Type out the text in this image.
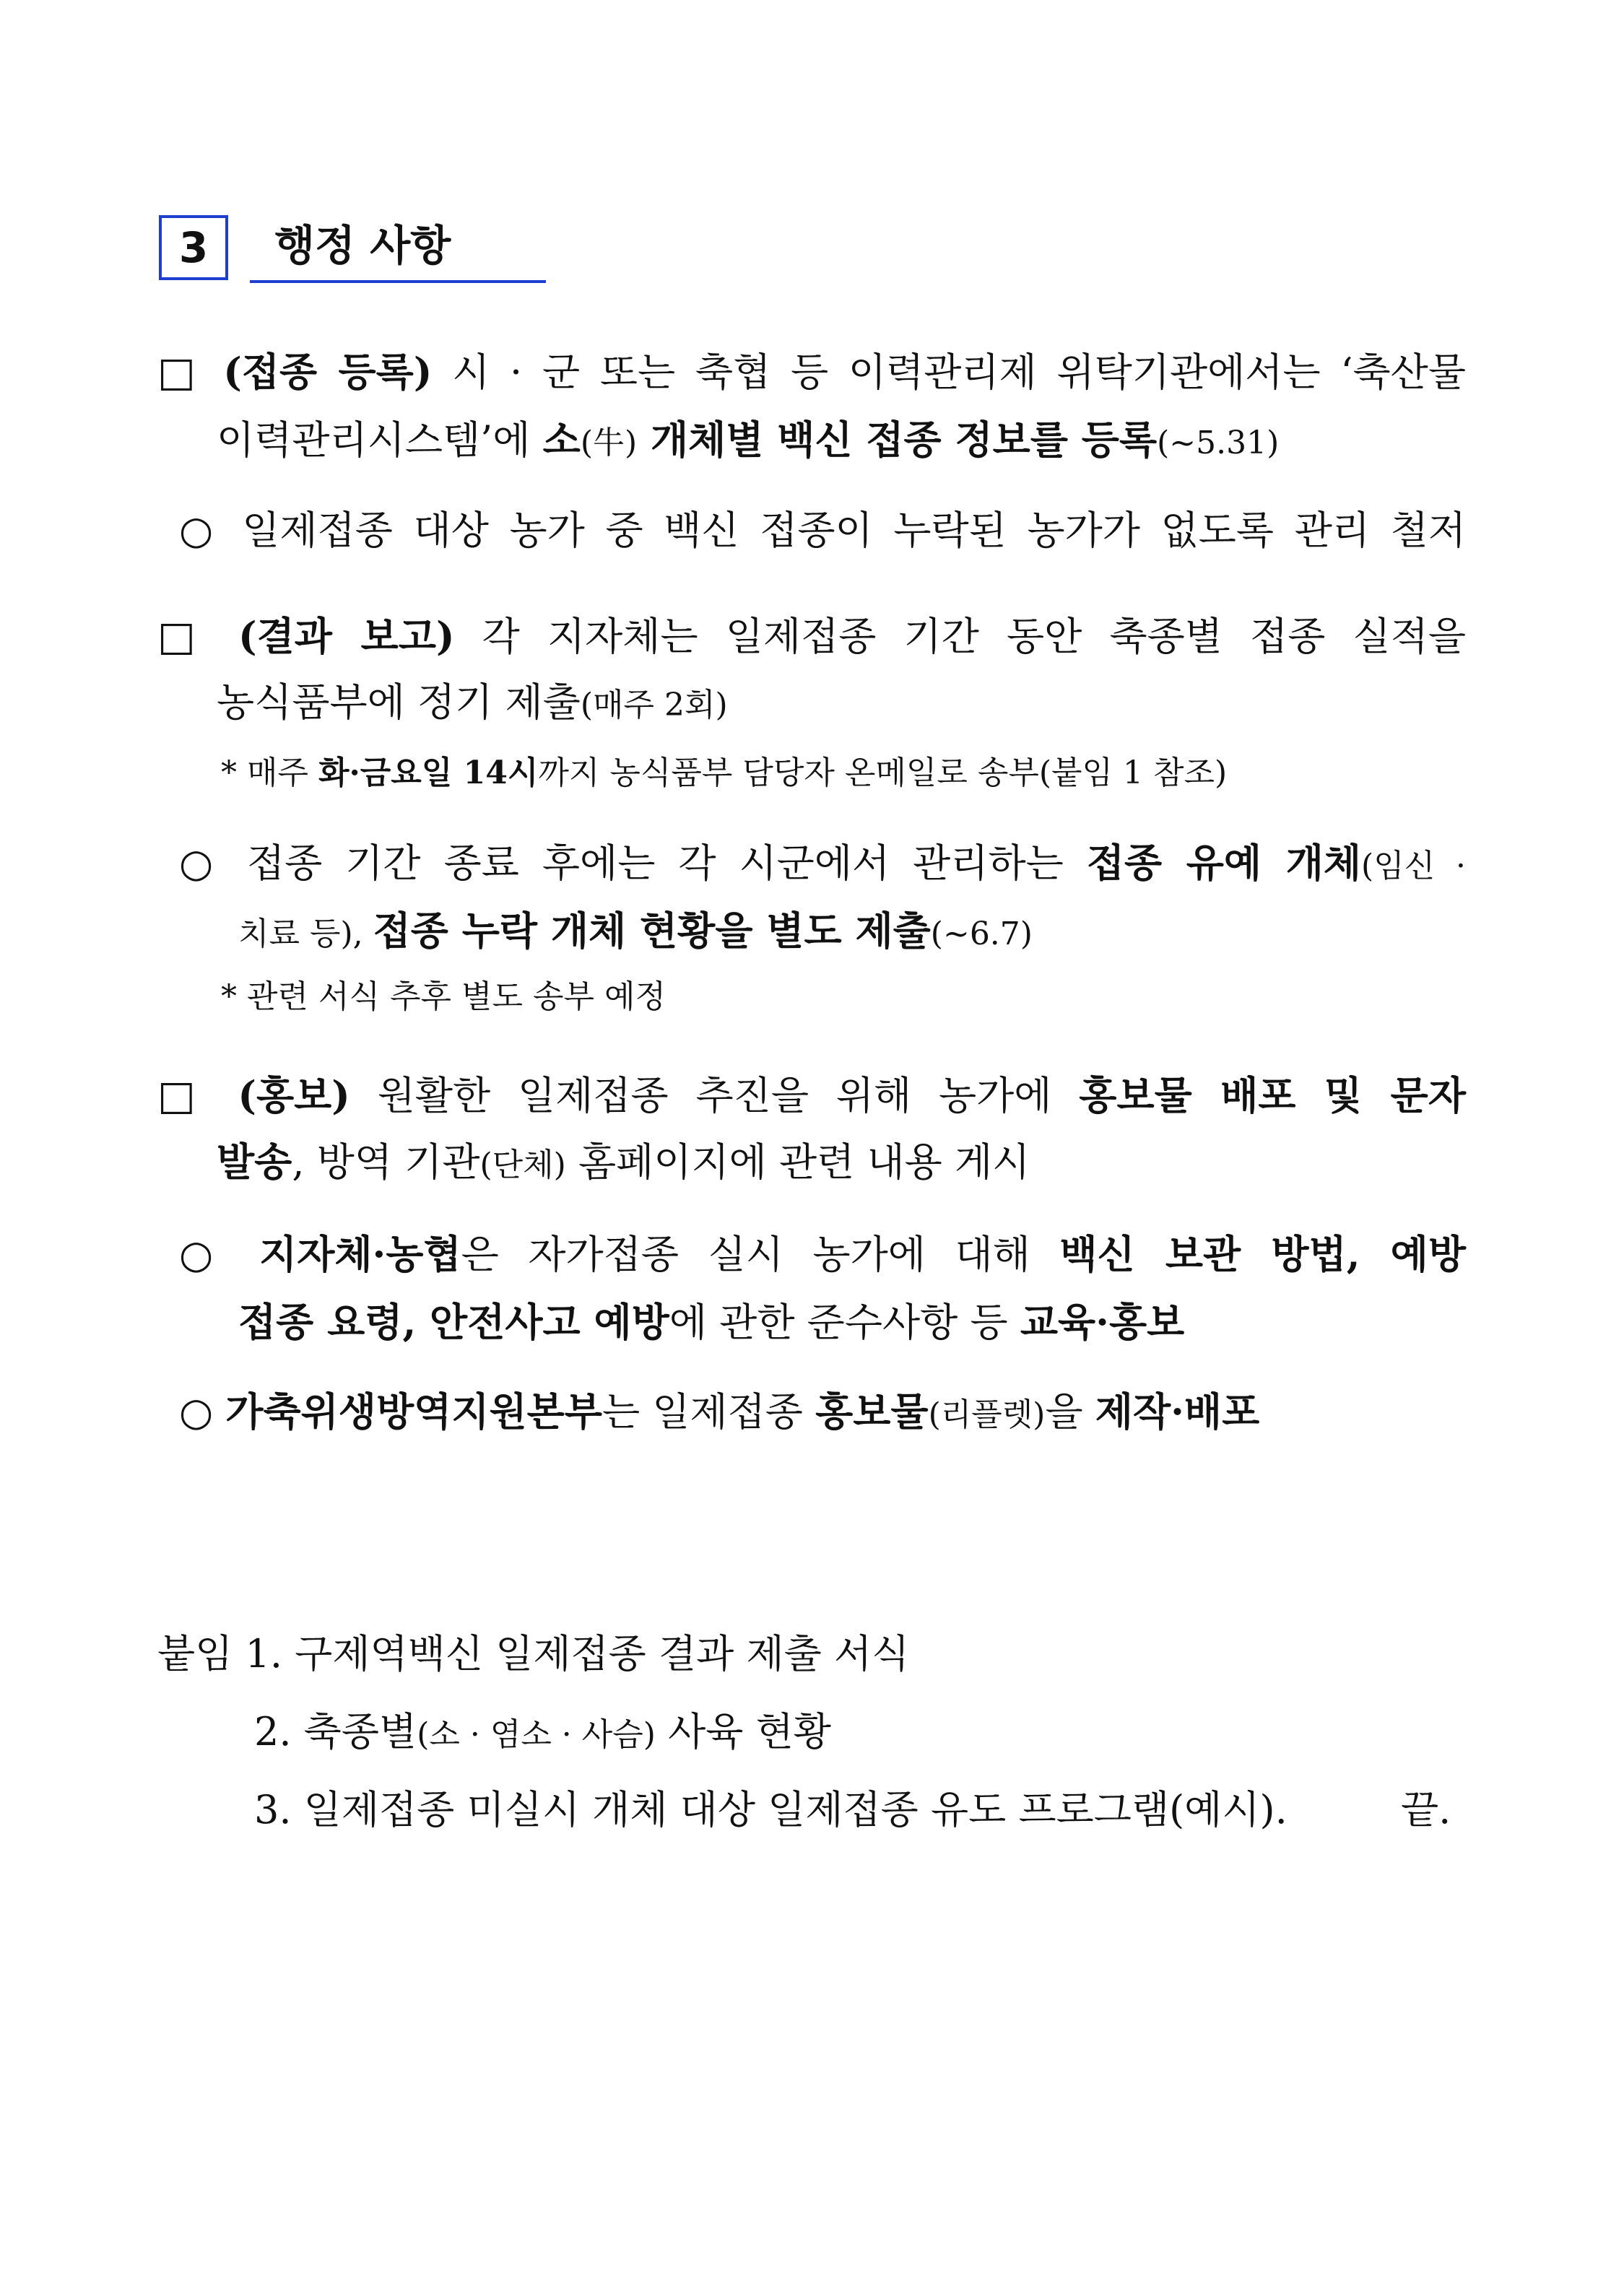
3	행정 사항
□ (접종 등록) 시 · 군 또는 축협 등 이력관리제 위탁기관에서는 ‘축산물
이력관리시스템’에 소(牛) 개체별 백신 접종 정보를 등록(~5.31)
○ 일제접종 대상 농가 중 백신 접종이 누락된 농가가 없도록 관리 철저
□ (결과 보고) 각 지자체는 일제접종 기간 동안 축종별 접종 실적을
농식품부에 정기 제출(매주 2회)
* 매주 화·금요일 14시까지 농식품부 담당자 온메일로 송부(붙임 1 참조)
○ 접종 기간 종료 후에는 각 시군에서 관리하는 접종 유예 개체(임신 ·
치료 등), 접종 누락 개체 현황을 별도 제출(~6.7)
* 관련 서식 추후 별도 송부 예정
□ (홍보) 원활한 일제접종 추진을 위해 농가에 홍보물 배포 및 문자
발송, 방역 기관(단체) 홈페이지에 관련 내용 게시
○ 지자체·농협은 자가접종 실시 농가에 대해 백신 보관 방법, 예방
접종 요령, 안전사고 예방에 관한 준수사항 등 교육·홍보
○ 가축위생방역지원본부는 일제접종 홍보물(리플렛)을 제작·배포
붙임 1. 구제역백신 일제접종 결과 제출 서식
2. 축종별(소 · 염소 · 사슴) 사육 현황
3. 일제접종 미실시 개체 대상 일제접종 유도 프로그램(예시).	끝.
